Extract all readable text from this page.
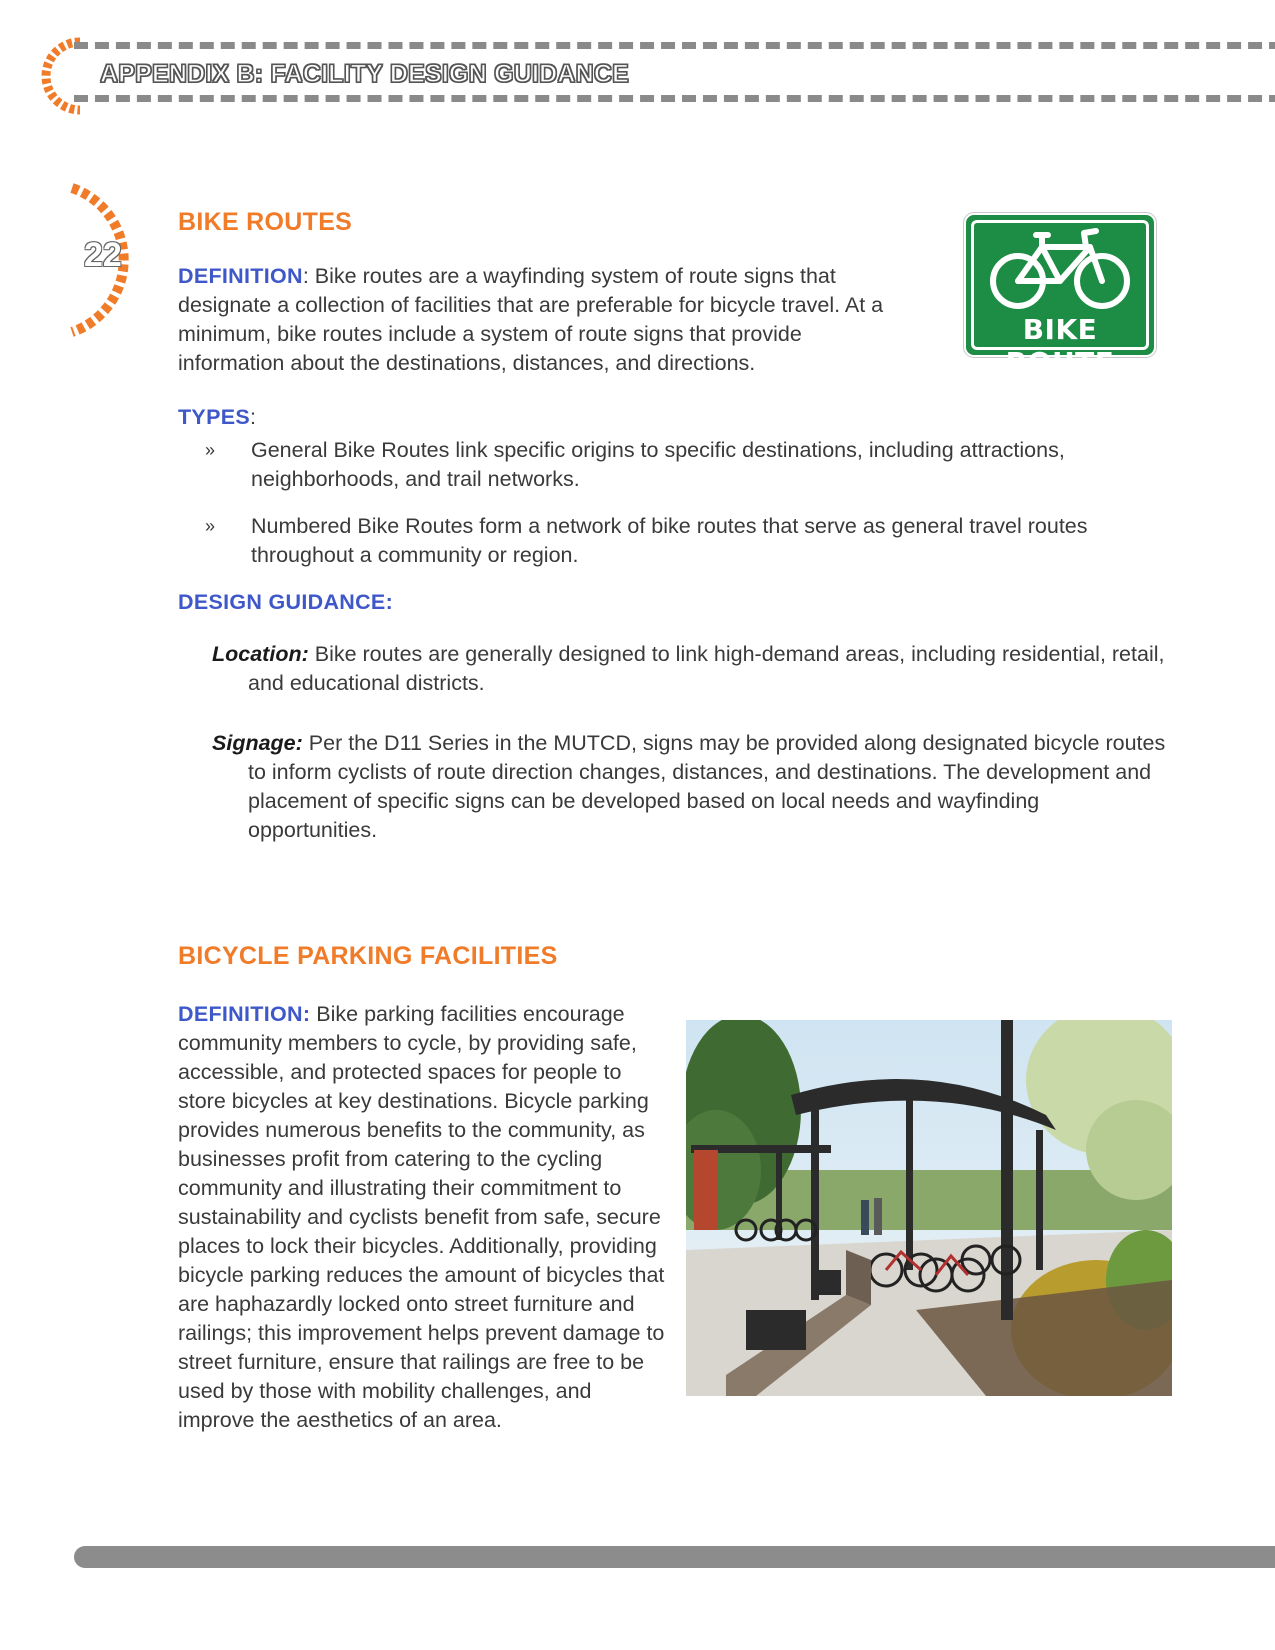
APPENDIX B: FACILITY DESIGN GUIDANCE
22
BIKE ROUTES
DEFINITION: Bike routes are a wayfinding system of route signs that designate a collection of facilities that are preferable for bicycle travel. At a minimum, bike routes include a system of route signs that provide information about the destinations, distances, and directions.
BIKE ROUTE
TYPES:
» General Bike Routes link specific origins to specific destinations, including attractions, neighborhoods, and trail networks.
» Numbered Bike Routes form a network of bike routes that serve as general travel routes throughout a community or region.
DESIGN GUIDANCE:
Location: Bike routes are generally designed to link high-demand areas, including residential, retail, and educational districts.
Signage: Per the D11 Series in the MUTCD, signs may be provided along designated bicycle routes to inform cyclists of route direction changes, distances, and destinations. The development and placement of specific signs can be developed based on local needs and wayfinding opportunities.
BICYCLE PARKING FACILITIES
DEFINITION: Bike parking facilities encourage community members to cycle, by providing safe, accessible, and protected spaces for people to store bicycles at key destinations. Bicycle parking provides numerous benefits to the community, as businesses profit from catering to the cycling community and illustrating their commitment to sustainability and cyclists benefit from safe, secure places to lock their bicycles. Additionally, providing bicycle parking reduces the amount of bicycles that are haphazardly locked onto street furniture and railings; this improvement helps prevent damage to street furniture, ensure that railings are free to be used by those with mobility challenges, and improve the aesthetics of an area.
